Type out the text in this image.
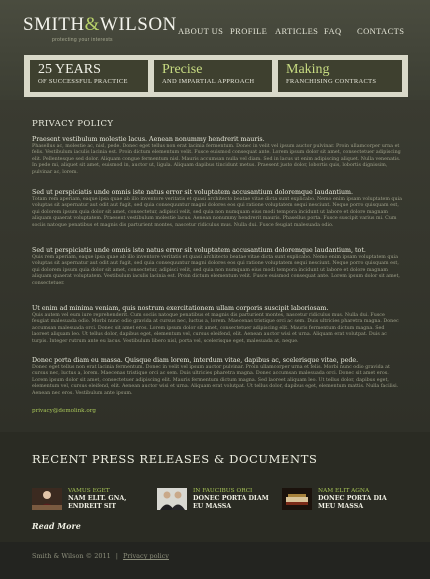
SMITH&WILSON
protecting your interests
ABOUT US PROFILE ARTICLES FAQ CONTACTS
25 YEARS
OF SUCCESSFUL PRACTICE
Precise
AND IMPARTIAL APPROACH
Making
FRANCHISING CONTRACTS
PRIVACY POLICY
Praesent vestibulum molestie lacus. Aenean nonummy hendrerit mauris.
Phasellus ac, molestie ac, nisl, pede. Donec eget tellus non erat lacinia fermentum. Donec in velit vel ipsum auctor pulvinar. Proin ullamcorper urna et felis. Vestibulum iaculis lacinia est. Proin dictum elementum velit. Fusce euismod consequat ante. Lorem ipsum dolor sit amet, consectetuer adipiscing elit. Pellentesque sed dolor. Aliquam congue fermentum nisl. Mauris accumsan nulla vel diam. Sed in lacus ut enim adipiscing aliquet. Nulla venenatis. In pede mi, aliquet sit amet, euismod in, auctor ut, ligula. Aliquam dapibus tincidunt metus. Praesent justo dolor, lobortis quis, lobortis dignissim, pulvinar ac, lorem.
Sed ut perspiciatis unde omnis iste natus error sit voluptatem accusantium doloremque laudantium.
Totam rem aperiam, eaque ipsa quae ab illo inventore veritatis et quasi architecto beatae vitae dicta sunt explicabo. Nemo enim ipsam voluptatem quia voluptas sit aspernatur aut odit aut fugit, sed quia consequuntur magni dolores eos qui ratione voluptatem sequi nesciunt. Neque porro quisquam est, qui dolorem ipsum quia dolor sit amet, consectetur, adipisci velit, sed quia non numquam eius modi tempora incidunt ut labore et dolore magnam aliquam quaerat voluptatem. Praesent vestibulum molestie lacus. Aenean nonummy hendrerit mauris. Phasellus porta. Fusce suscipit varius mi. Cum sociis natoque penatibus et magnis dis parturient montes, nascetur ridiculus mus. Nulla dui. Fusce feugiat malesuada odio.
Sed ut perspiciatis unde omnis iste natus error sit voluptatem accusantium doloremque laudantium, tot.
Quis rem aperiam, eaque ipsa quae ab illo inventore veritatis et quasi architecto beatae vitae dicta sunt explicabo. Nemo enim ipsam voluptatem quia voluptas sit aspernatur aut odit aut fugit, sed quia consequuntur magni dolores eos qui ratione voluptatem sequi nesciunt. Neque porro quisquam est, qui dolorem ipsum quia dolor sit amet, consectetur, adipisci velit, sed quia non numquam eius modi tempora incidunt ut labore et dolore magnam aliquam quaerat voluptatem. Vestibulum iaculis lacinia est. Proin dictum elementum velit. Fusce euismod consequat ante. Lorem ipsum dolor sit amet, consectetuer.
Ut enim ad minima veniam, quis nostrum exercitationem ullam corporis suscipit laboriosam.
Quis autem vel eum iure reprehenderit. Cum sociis natoque penatibus et magnis dis parturient montes, nascetur ridiculus mus. Nulla dui. Fusce feugiat malesuada odio. Morbi nunc odio gravida at cursus nec, luctus a, lorem. Maecenas tristique orci ac sem. Duis ultricies pharetra magna. Donec accumsan malesuada orci. Donec sit amet eros. Lorem ipsum dolor sit amet, consectetuer adipiscing elit. Mauris fermentum dictum magna. Sed laoreet aliquam leo. Ut tellus dolor, dapibus eget, elementum vel, cursus eleifend, elit. Aenean auctor wisi et urna. Aliquam erat volutpat. Duis ac turpis. Integer rutrum ante eu lacus. Vestibulum libero nisl, porta vel, scelerisque eget, malesuada at, neque.
Donec porta diam eu massa. Quisque diam lorem, interdum vitae, dapibus ac, scelerisque vitae, pede.
Donec eget tellus non erat lacinia fermentum. Donec in velit vel ipsum auctor pulvinar. Proin ullamcorper urna et felis. Morbi nunc odio gravida at cursus nec, luctus a, lorem. Maecenas tristique orci ac sem. Duis ultricies pharetra magna. Donec accumsan malesuada orci. Donec sit amet eros. Lorem ipsum dolor sit amet, consectetuer adipiscing elit. Mauris fermentum dictum magna. Sed laoreet aliquam leo. Ut tellus dolor, dapibus eget, elementum vel, cursus eleifend, elit. Aenean auctor wisi et urna. Aliquam erat volutpat. Ut tellus dolor, dapibus eget, elementum mattis. Nulla facilisi. Aenean nec eros. Vestibulum ante ipsum.
privacy@demolink.org
RECENT PRESS RELEASES & DOCUMENTS
VAMUS EGET
NAM ELIT. GNA, ENDREIT SIT
IN FAUCIBUS ORCI
DONEC PORTA DIAM EU MASSA
NAM ELIT AGNA
DONEC PORTA DIA MEU MASSA
Read More
Smith & Wilson © 2011 | Privacy policy
